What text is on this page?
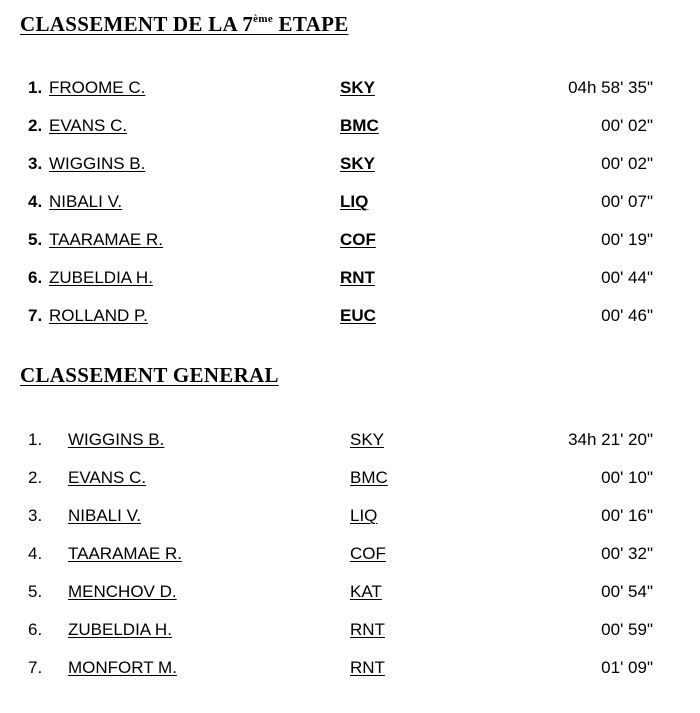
CLASSEMENT DE LA 7ème ETAPE
1. FROOME C.	SKY	04h 58' 35"
2. EVANS C.	BMC	00' 02"
3. WIGGINS B.	SKY	00' 02"
4. NIBALI V.	LIQ	00' 07"
5. TAARAMAE R.	COF	00' 19"
6. ZUBELDIA H.	RNT	00' 44"
7. ROLLAND P.	EUC	00' 46"
CLASSEMENT GENERAL
1. WIGGINS B.	SKY	34h 21' 20"
2. EVANS C.	BMC	00' 10"
3. NIBALI V.	LIQ	00' 16"
4. TAARAMAE R.	COF	00' 32"
5. MENCHOV D.	KAT	00' 54"
6. ZUBELDIA H.	RNT	00' 59"
7. MONFORT M.	RNT	01' 09"
